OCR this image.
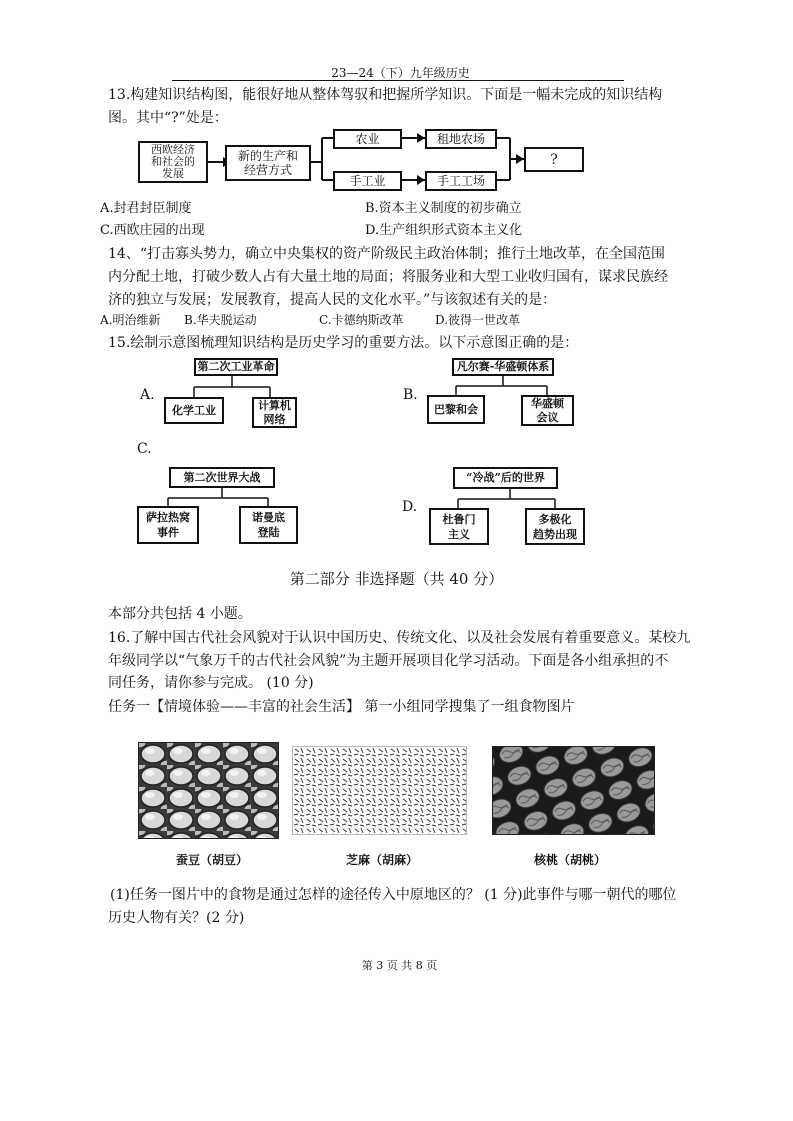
23—24（下）九年级历史
13.构建知识结构图，能很好地从整体驾驭和把握所学知识。下面是一幅未完成的知识结构
图。其中“?”处是：
西欧经济
和社会的
发展
新的生产和
经营方式
农业	租地农场
手工业	手工工场
?
A.封君封臣制度	B.资本主义制度的初步确立
C.西欧庄园的出现	D.生产组织形式资本主义化
14、“打击寡头势力，确立中央集权的资产阶级民主政治体制；推行土地改革，在全国范围
内分配土地，打破少数人占有大量土地的局面；将服务业和大型工业收归国有，谋求民族经
济的独立与发展；发展教育，提高人民的文化水平。”与该叙述有关的是：
A.明治维新 B.华夫脱运动	C.卡德纳斯改革	D.彼得一世改革
15.绘制示意图梳理知识结构是历史学习的重要方法。以下示意图正确的是：
A.
第二次工业革命
化学工业	计算机
网络
B.
凡尔赛-华盛顿体系
巴黎和会	华盛顿
会议
C.
第二次世界大战
萨拉热窝
事件
诺曼底
登陆
D.
“冷战”后的世界
杜鲁门
主义
多极化
趋势出现
第二部分 非选择题（共 40 分）
本部分共包括 4 小题。
16.了解中国古代社会风貌对于认识中国历史、传统文化、以及社会发展有着重要意义。某校九
年级同学以“气象万千的古代社会风貌”为主题开展项目化学习活动。下面是各小组承担的不
同任务，请你参与完成。 (10 分)
任务一【情境体验——丰富的社会生活】 第一小组同学搜集了一组食物图片
蚕豆（胡豆）	芝麻（胡麻）	核桃（胡桃）
(1)任务一图片中的食物是通过怎样的途径传入中原地区的？ (1 分)此事件与哪一朝代的哪位
历史人物有关？(2 分)
第 3 页 共 8 页
